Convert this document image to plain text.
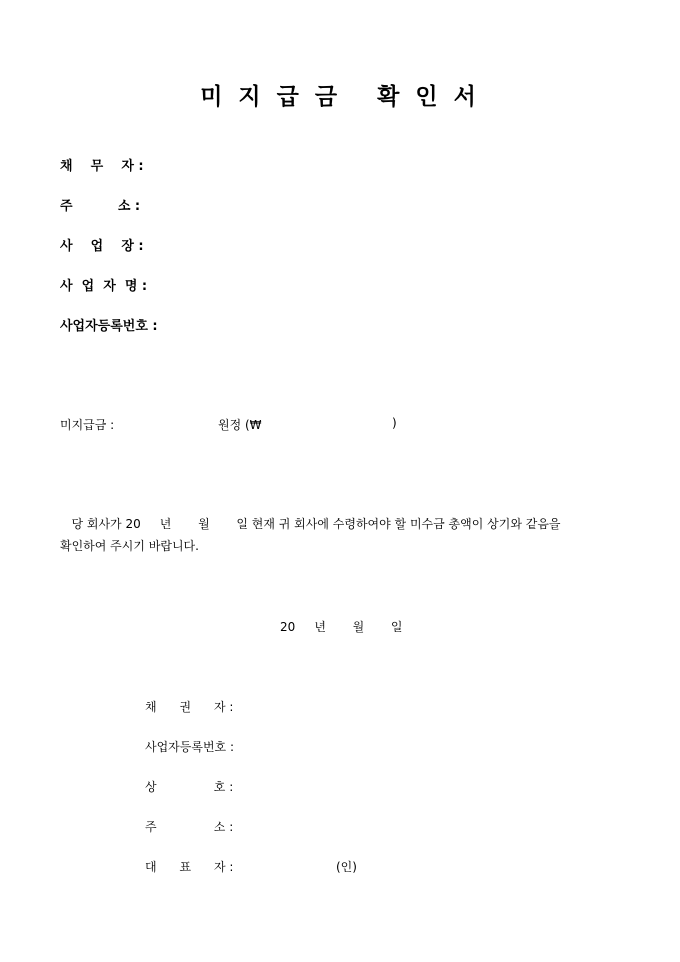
미 지 급 금   확 인 서
채    무    자 :
주          소 :
사    업    장 :
사  업  자  명 :
사업자등록번호 :
미지급금 :	원정 (₩	)
당 회사가 20     년       월       일 현재 귀 회사에 수령하여야 할 미수금 총액이 상기와 같음을
확인하여 주시기 바랍니다.
20     년       월       일
채      권      자 :
사업자등록번호 :
상               호 :
주               소 :
대      표      자 :	(인)
